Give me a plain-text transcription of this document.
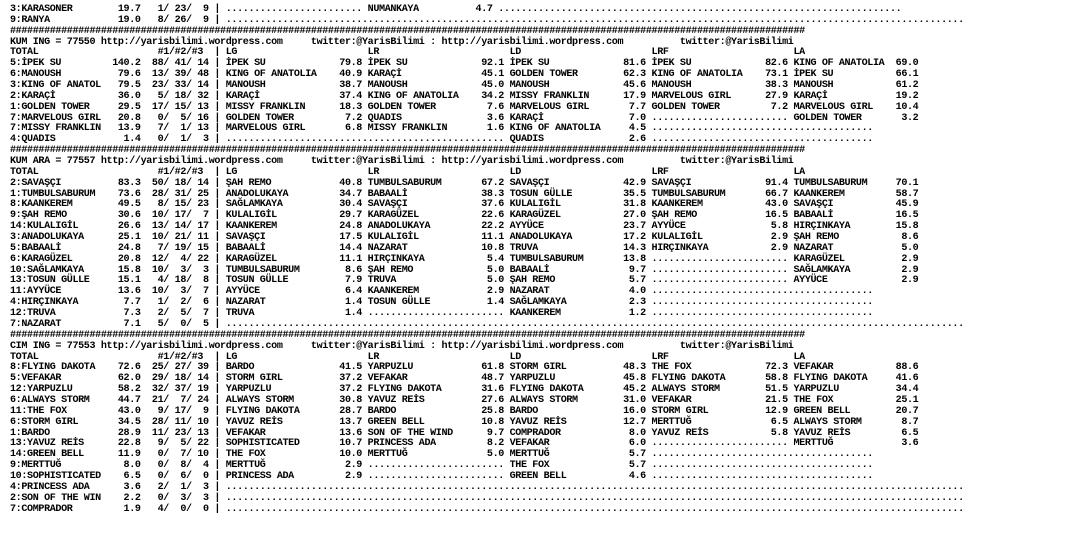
3:KARASONER        19.7   1/ 23/  9 | ........................ NUMANKAYA          4.7 .......................................................................
9:RANYA            19.0   8/ 26/  9 | ..................................................................................................................................
############################################################################################################################################
KUM ING = 77550 http://yarisbilimi.wordpress.com     twitter:@YarisBilimi : http://yarisbilimi.wordpress.com          twitter:@YarisBilimi
TOTAL                     #1/#2/#3  | LG                       LR                       LD                       LRF                      LA
5:İPEK SU         140.2  88/ 41/ 14 | İPEK SU             79.8 İPEK SU             92.1 İPEK SU             81.6 İPEK SU             82.6 KING OF ANATOLIA  69.0
6:MANOUSH          79.6  13/ 39/ 48 | KING OF ANATOLIA    40.9 KARAÇİ              45.1 GOLDEN TOWER        62.3 KING OF ANATOLIA    73.1 İPEK SU           66.1
3:KING OF ANATOL   79.5  23/ 33/ 14 | MANOUSH             38.7 MANOUSH             45.0 MANOUSH             45.6 MANOUSH             38.3 MANOUSH           61.2
2:KARAÇİ           36.0   5/ 18/ 32 | KARAÇİ              37.4 KING OF ANATOLIA    34.2 MISSY FRANKLIN      17.9 MARVELOUS GIRL      27.9 KARAÇİ            19.2
1:GOLDEN TOWER     29.5  17/ 15/ 13 | MISSY FRANKLIN      18.3 GOLDEN TOWER         7.6 MARVELOUS GIRL       7.7 GOLDEN TOWER         7.2 MARVELOUS GIRL    10.4
7:MARVELOUS GIRL   20.8   0/  5/ 16 | GOLDEN TOWER         7.2 QUADIS               3.6 KARAÇİ               7.0 ........................ GOLDEN TOWER       3.2
7:MISSY FRANKLIN   13.9   7/  1/ 13 | MARVELOUS GIRL       6.8 MISSY FRANKLIN       1.6 KING OF ANATOLIA     4.5 .......................................
4:QUADIS            1.4   0/  1/  3 | ................................................. QUADIS               2.6 .......................................
############################################################################################################################################
KUM ARA = 77557 http://yarisbilimi.wordpress.com     twitter:@YarisBilimi : http://yarisbilimi.wordpress.com          twitter:@YarisBilimi
TOTAL                     #1/#2/#3  | LG                       LR                       LD                       LRF                      LA
2:SAVAŞÇI          83.3  50/ 18/ 14 | ŞAH REMO            40.8 TUMBULSABURUM       67.2 SAVAŞÇI             42.9 SAVAŞÇI             91.4 TUMBULSABURUM     70.1
1:TUMBULSABURUM    73.6  28/ 31/ 25 | ANADOLUKAYA         34.7 BABAALİ             38.3 TOSUN GÜLLE         35.5 TUMBULSABURUM       66.7 KAANKEREM         58.7
8:KAANKEREM        49.5   8/ 15/ 23 | SAĞLAMKAYA          30.4 SAVAŞÇI             37.6 KULALIGİL           31.8 KAANKEREM           43.0 SAVAŞÇI           45.9
9:ŞAH REMO         30.6  10/ 17/  7 | KULALIGİL           29.7 KARAGÜZEL           22.6 KARAGÜZEL           27.0 ŞAH REMO            16.5 BABAALİ           16.5
14:KULALIGİL       26.6  13/ 14/ 17 | KAANKEREM           24.8 ANADOLUKAYA         22.2 AYYÜCE              23.7 AYYÜCE               5.8 HIRÇINKAYA        15.8
3:ANADOLUKAYA      25.1  10/ 21/ 11 | SAVAŞÇI             17.5 KULALIGİL           11.1 ANADOLUKAYA         17.2 KULALIGİL            2.9 ŞAH REMO           8.6
5:BABAALİ          24.8   7/ 19/ 15 | BABAALİ             14.4 NAZARAT             10.8 TRUVA               14.3 HIRÇINKAYA           2.9 NAZARAT            5.0
6:KARAGÜZEL        20.8  12/  4/ 22 | KARAGÜZEL           11.1 HIRÇINKAYA           5.4 TUMBULSABURUM       13.8 ........................ KARAGÜZEL          2.9
10:SAĞLAMKAYA      15.8  10/  3/  3 | TUMBULSABURUM        8.6 ŞAH REMO             5.0 BABAALİ              9.7 ........................ SAĞLAMKAYA         2.9
13:TOSUN GÜLLE     15.1   4/ 18/  8 | TOSUN GÜLLE          7.9 TRUVA                5.0 ŞAH REMO             5.7 ........................ AYYÜCE             2.9
11:AYYÜCE          13.6  10/  3/  7 | AYYÜCE               6.4 KAANKEREM            2.9 NAZARAT              4.0 .......................................
4:HIRÇINKAYA        7.7   1/  2/  6 | NAZARAT              1.4 TOSUN GÜLLE          1.4 SAĞLAMKAYA           2.3 .......................................
12:TRUVA            7.3   2/  5/  7 | TRUVA                1.4 ........................ KAANKEREM            1.2 .......................................
7:NAZARAT           7.1   5/  0/  5 | ..................................................................................................................................
############################################################################################################################################
CIM ING = 77553 http://yarisbilimi.wordpress.com     twitter:@YarisBilimi : http://yarisbilimi.wordpress.com          twitter:@YarisBilimi
TOTAL                     #1/#2/#3  | LG                       LR                       LD                       LRF                      LA
8:FLYING DAKOTA    72.6  25/ 27/ 39 | BARDO               41.5 YARPUZLU            61.8 STORM GIRL          48.3 THE FOX             72.3 VEFAKAR           88.6
5:VEFAKAR          62.0  29/ 18/ 14 | STORM GIRL          37.2 VEFAKAR             48.7 YARPUZLU            45.8 FLYING DAKOTA       58.8 FLYING DAKOTA     41.6
12:YARPUZLU        58.2  32/ 37/ 19 | YARPUZLU            37.2 FLYING DAKOTA       31.6 FLYING DAKOTA       45.2 ALWAYS STORM        51.5 YARPUZLU          34.4
6:ALWAYS STORM     44.7  21/  7/ 24 | ALWAYS STORM        30.8 YAVUZ REİS          27.6 ALWAYS STORM        31.0 VEFAKAR             21.5 THE FOX           25.1
11:THE FOX         43.0   9/ 17/  9 | FLYING DAKOTA       28.7 BARDO               25.8 BARDO               16.0 STORM GIRL          12.9 GREEN BELL        20.7
6:STORM GIRL       34.5  28/ 11/ 10 | YAVUZ REİS          13.7 GREEN BELL          10.8 YAVUZ REİS          12.7 MERTTUĞ              6.5 ALWAYS STORM       8.7
1:BARDO            28.9  11/ 23/ 13 | VEFAKAR             13.6 SON OF THE WIND      9.7 COMPRADOR            8.0 YAVUZ REİS           5.8 YAVUZ REİS         6.5
13:YAVUZ REİS      22.8   9/  5/ 22 | SOPHISTICATED       10.7 PRINCESS ADA         8.2 VEFAKAR              6.0 ........................ MERTTUĞ            3.6
14:GREEN BELL      11.9   0/  7/ 10 | THE FOX             10.0 MERTTUĞ              5.0 MERTTUĞ              5.7 .......................................
9:MERTTUĞ           8.0   0/  8/  4 | MERTTUĞ              2.9 ........................ THE FOX              5.7 .......................................
10:SOPHISTICATED    6.5   0/  6/  0 | PRINCESS ADA         2.9 ........................ GREEN BELL           4.6 .......................................
4:PRINCESS ADA      3.6   2/  1/  3 | ..................................................................................................................................
2:SON OF THE WIN    2.2   0/  3/  3 | ..................................................................................................................................
7:COMPRADOR         1.9   4/  0/  0 | ..................................................................................................................................
